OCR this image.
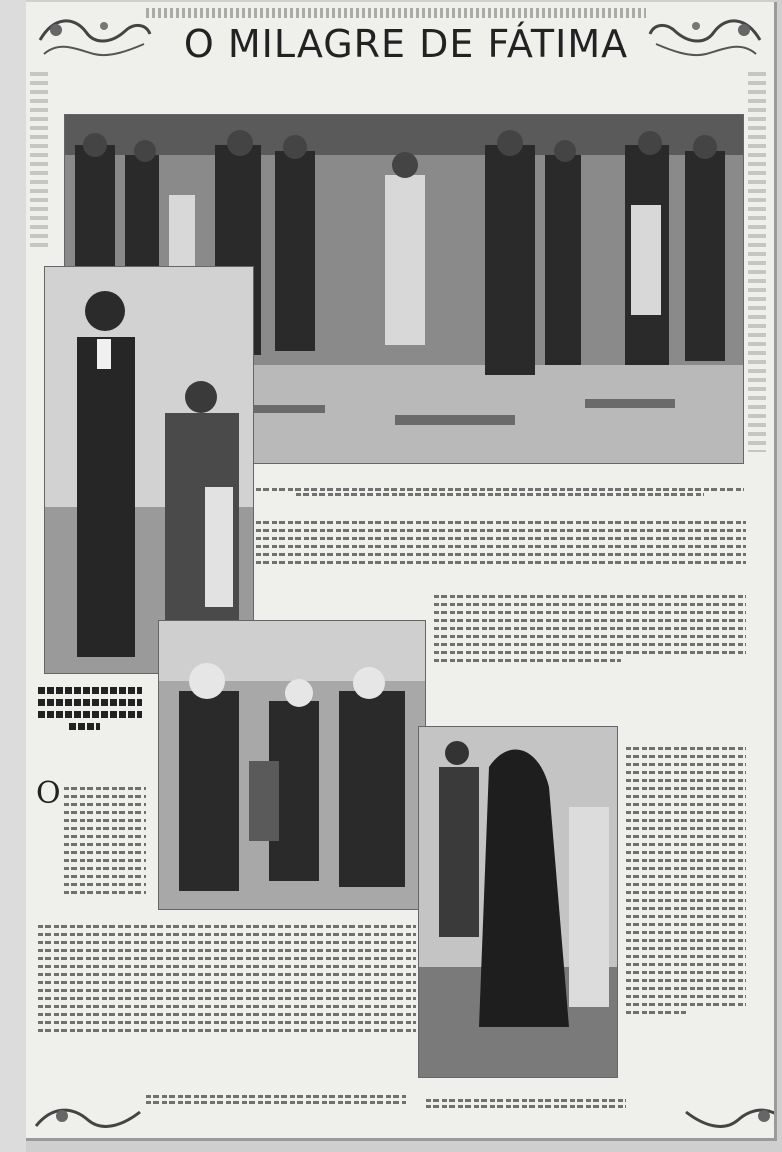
O MILAGRE DE FÁTIMA
O
